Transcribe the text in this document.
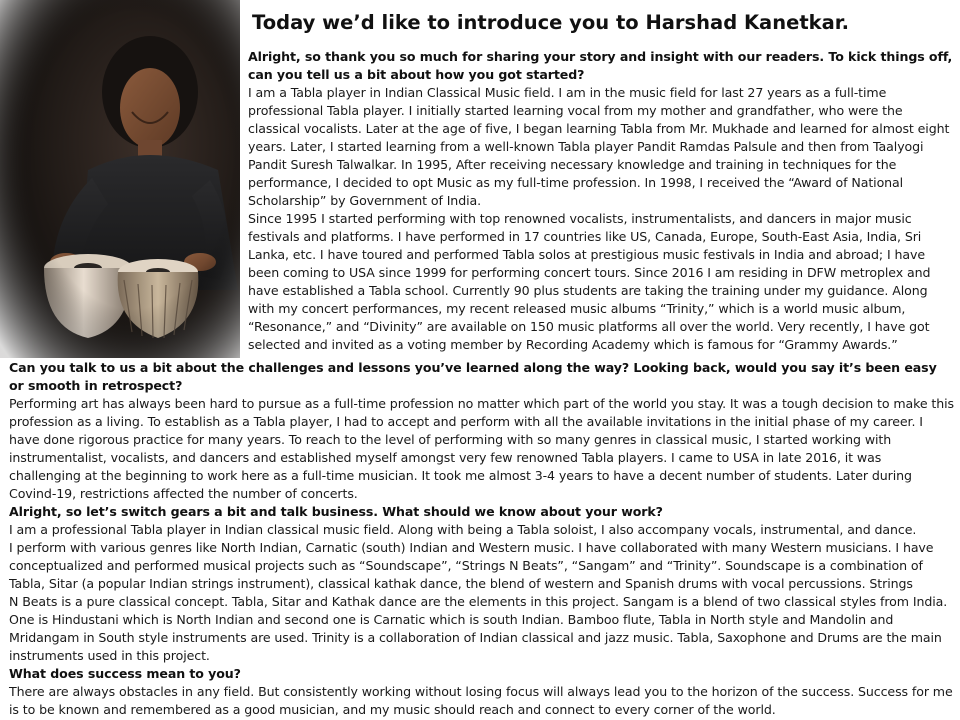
Today we’d like to introduce you to Harshad Kanetkar.

Alright, so thank you so much for sharing your story and insight with our readers. To kick things off, can you tell us a bit about how you got started?

I am a Tabla player in Indian Classical Music field. I am in the music field for last 27 years as a full-time professional Tabla player. I initially started learning vocal from my mother and grandfather, who were the classical vocalists. Later at the age of five, I began learning Tabla from Mr. Mukhade and learned for almost eight years. Later, I started learning from a well-known Tabla player Pandit Ramdas Palsule and then from Taalyogi Pandit Suresh Talwalkar. In 1995, After receiving necessary knowledge and training in techniques for the performance, I decided to opt Music as my full-time profession. In 1998, I received the “Award of National Scholarship” by Government of India.

Since 1995 I started performing with top renowned vocalists, instrumentalists, and dancers in major music festivals and platforms. I have performed in 17 countries like US, Canada, Europe, South-East Asia, India, Sri Lanka, etc. I have toured and performed Tabla solos at prestigious music festivals in India and abroad; I have been coming to USA since 1999 for performing concert tours. Since 2016 I am residing in DFW metroplex and have established a Tabla school. Currently 90 plus students are taking the training under my guidance. Along with my concert performances, my recent released music albums “Trinity,” which is a world music album, “Resonance,” and “Divinity” are available on 150 music platforms all over the world. Very recently, I have got selected and invited as a voting member by Recording Academy which is famous for “Grammy Awards.”

Can you talk to us a bit about the challenges and lessons you’ve learned along the way? Looking back, would you say it’s been easy or smooth in retrospect?

Performing art has always been hard to pursue as a full-time profession no matter which part of the world you stay. It was a tough decision to make this profession as a living. To establish as a Tabla player, I had to accept and perform with all the available invitations in the initial phase of my career. I have done rigorous practice for many years. To reach to the level of performing with so many genres in classical music, I started working with instrumentalist, vocalists, and dancers and established myself amongst very few renowned Tabla players. I came to USA in late 2016, it was challenging at the beginning to work here as a full-time musician. It took me almost 3-4 years to have a decent number of students. Later during Covind-19, restrictions affected the number of concerts.

Alright, so let’s switch gears a bit and talk business. What should we know about your work?

I am a professional Tabla player in Indian classical music field. Along with being a Tabla soloist, I also accompany vocals, instrumental, and dance.

I perform with various genres like North Indian, Carnatic (south) Indian and Western music. I have collaborated with many Western musicians. I have conceptualized and performed musical projects such as “Soundscape”, “Strings N Beats”, “Sangam” and “Trinity”. Soundscape is a combination of Tabla, Sitar (a popular Indian strings instrument), classical kathak dance, the blend of western and Spanish drums with vocal percussions. Strings
N Beats is a pure classical concept. Tabla, Sitar and Kathak dance are the elements in this project. Sangam is a blend of two classical styles from India. One is Hindustani which is North Indian and second one is Carnatic which is south Indian. Bamboo flute, Tabla in North style and Mandolin and Mridangam in South style instruments are used. Trinity is a collaboration of Indian classical and jazz music. Tabla, Saxophone and Drums are the main instruments used in this project.

What does success mean to you?

There are always obstacles in any field. But consistently working without losing focus will always lead you to the horizon of the success. Success for me is to be known and remembered as a good musician, and my music should reach and connect to every corner of the world.
